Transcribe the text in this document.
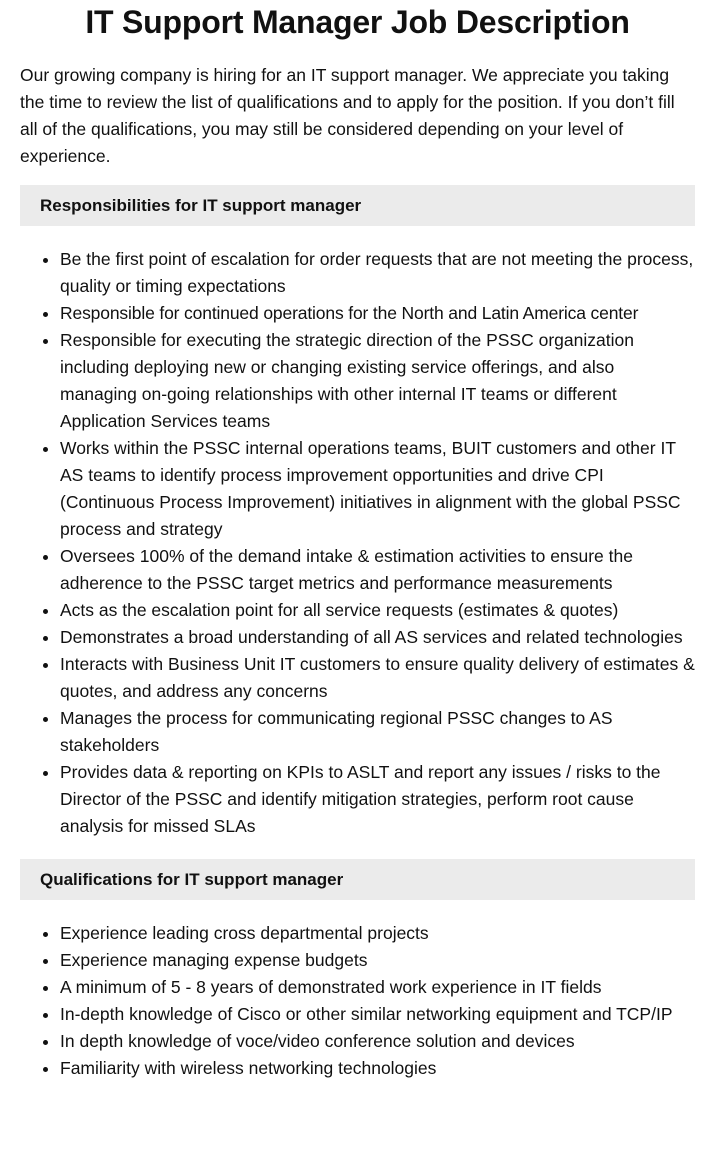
IT Support Manager Job Description

Our growing company is hiring for an IT support manager. We appreciate you taking the time to review the list of qualifications and to apply for the position. If you don’t fill all of the qualifications, you may still be considered depending on your level of experience.

Responsibilities for IT support manager
• Be the first point of escalation for order requests that are not meeting the process, quality or timing expectations
• Responsible for continued operations for the North and Latin America center
• Responsible for executing the strategic direction of the PSSC organization including deploying new or changing existing service offerings, and also managing on-going relationships with other internal IT teams or different Application Services teams
• Works within the PSSC internal operations teams, BUIT customers and other IT AS teams to identify process improvement opportunities and drive CPI (Continuous Process Improvement) initiatives in alignment with the global PSSC process and strategy
• Oversees 100% of the demand intake & estimation activities to ensure the adherence to the PSSC target metrics and performance measurements
• Acts as the escalation point for all service requests (estimates & quotes)
• Demonstrates a broad understanding of all AS services and related technologies
• Interacts with Business Unit IT customers to ensure quality delivery of estimates & quotes, and address any concerns
• Manages the process for communicating regional PSSC changes to AS stakeholders
• Provides data & reporting on KPIs to ASLT and report any issues / risks to the Director of the PSSC and identify mitigation strategies, perform root cause analysis for missed SLAs
Qualifications for IT support manager
• Experience leading cross departmental projects
• Experience managing expense budgets
• A minimum of 5 - 8 years of demonstrated work experience in IT fields
• In-depth knowledge of Cisco or other similar networking equipment and TCP/IP
• In depth knowledge of voce/video conference solution and devices
• Familiarity with wireless networking technologies
